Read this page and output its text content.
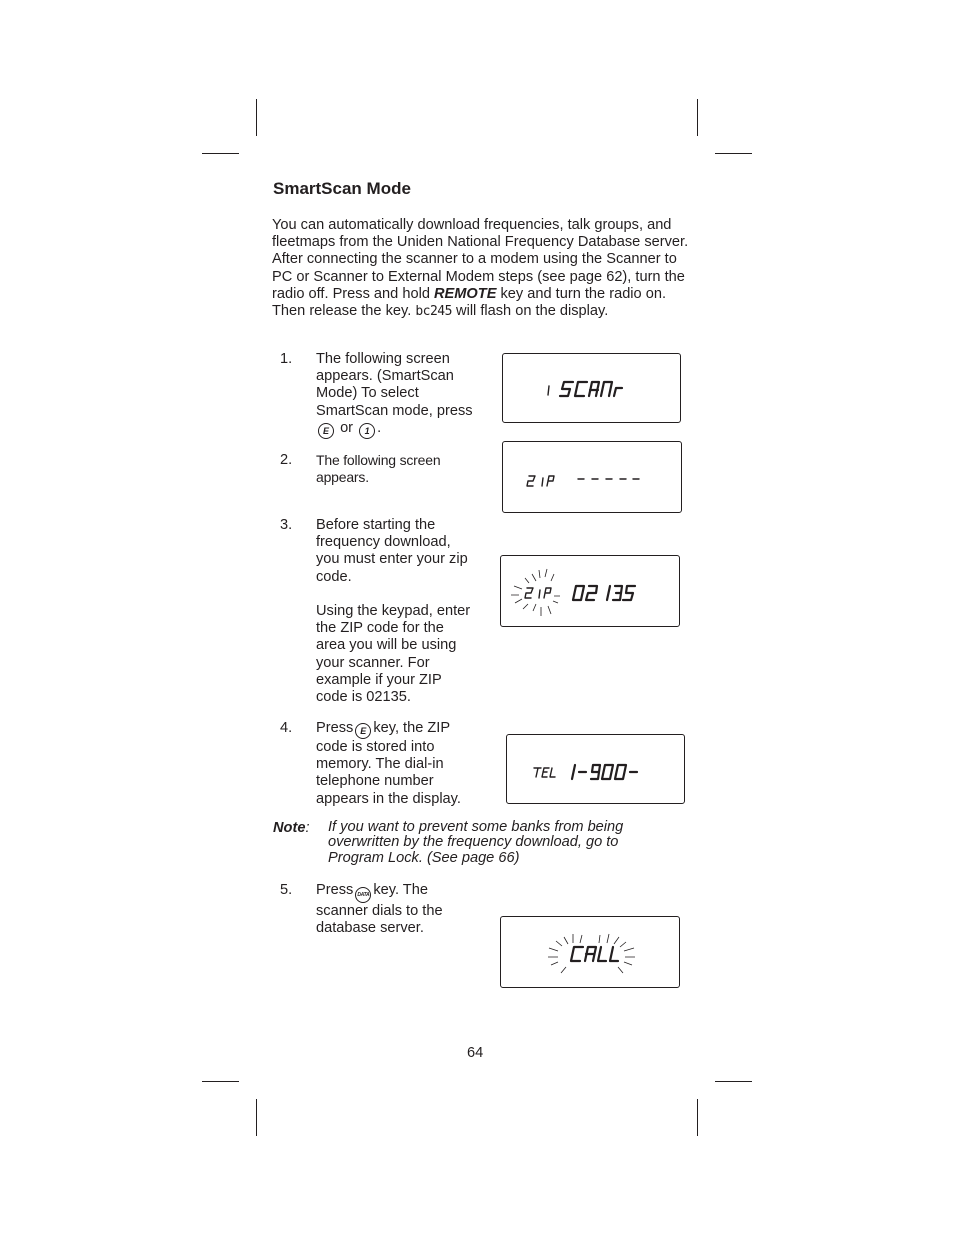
SmartScan Mode

You can automatically download frequencies, talk groups, and fleetmaps from the Uniden National Frequency Database server. After connecting the scanner to a modem using the Scanner to PC or Scanner to External Modem steps (see page 62), turn the radio off. Press and hold REMOTE key and turn the radio on. Then release the key. bc245 will flash on the display.

1. The following screen appears. (SmartScan Mode) To select SmartScan mode, press E or 1 .

2. The following screen appears.

3. Before starting the frequency download, you must enter your zip code.

Using the keypad, enter the ZIP code for the area you will be using your scanner. For example if your ZIP code is 02135.

4. Press E key, the ZIP code is stored into memory. The dial-in telephone number appears in the display.

Note: If you want to prevent some banks from being overwritten by the frequency download, go to Program Lock. (See page 66)

5. Press DATA key. The scanner dials to the database server.

64
